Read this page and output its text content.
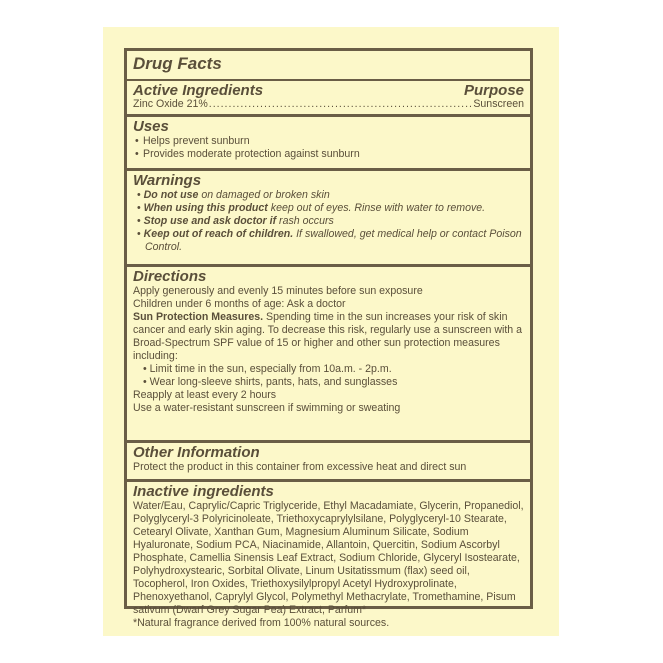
Drug Facts
Active Ingredients	Purpose
Zinc Oxide 21%
.....	Sunscreen
Uses
• Helps prevent sunburn
• Provides moderate protection against sunburn
Warnings
• Do not use on damaged or broken skin
• When using this product keep out of eyes. Rinse with water to remove.
• Stop use and ask doctor if rash occurs
• Keep out of reach of children. If swallowed, get medical help or contact Poison Control.
Directions
Apply generously and evenly 15 minutes before sun exposure
Children under 6 months of age: Ask a doctor
Sun Protection Measures. Spending time in the sun increases your risk of skin cancer and early skin aging. To decrease this risk, regularly use a sunscreen with a Broad-Spectrum SPF value of 15 or higher and other sun protection measures including:
• Limit time in the sun, especially from 10a.m. - 2p.m.
• Wear long-sleeve shirts, pants, hats, and sunglasses
Reapply at least every 2 hours
Use a water-resistant sunscreen if swimming or sweating
Other Information
Protect the product in this container from excessive heat and direct sun
Inactive ingredients
Water/Eau, Caprylic/Capric Triglyceride, Ethyl Macadamiate, Glycerin, Propanediol, Polyglyceryl-3 Polyricinoleate, Triethoxycaprylylsilane, Polyglyceryl-10 Stearate, Cetearyl Olivate, Xanthan Gum, Magnesium Aluminum Silicate, Sodium Hyaluronate, Sodium PCA, Niacinamide, Allantoin, Quercitin, Sodium Ascorbyl Phosphate, Camellia Sinensis Leaf Extract, Sodium Chloride, Glyceryl Isostearate, Polyhydroxystearic, Sorbital Olivate, Linum Usitatissmum (flax) seed oil, Tocopherol, Iron Oxides, Triethoxysilylpropyl Acetyl Hydroxyprolinate, Phenoxyethanol, Caprylyl Glycol, Polymethyl Methacrylate, Tromethamine, Pisum sativum (Dwarf Grey Sugar Pea) Extract, Parfum*
*Natural fragrance derived from 100% natural sources.
